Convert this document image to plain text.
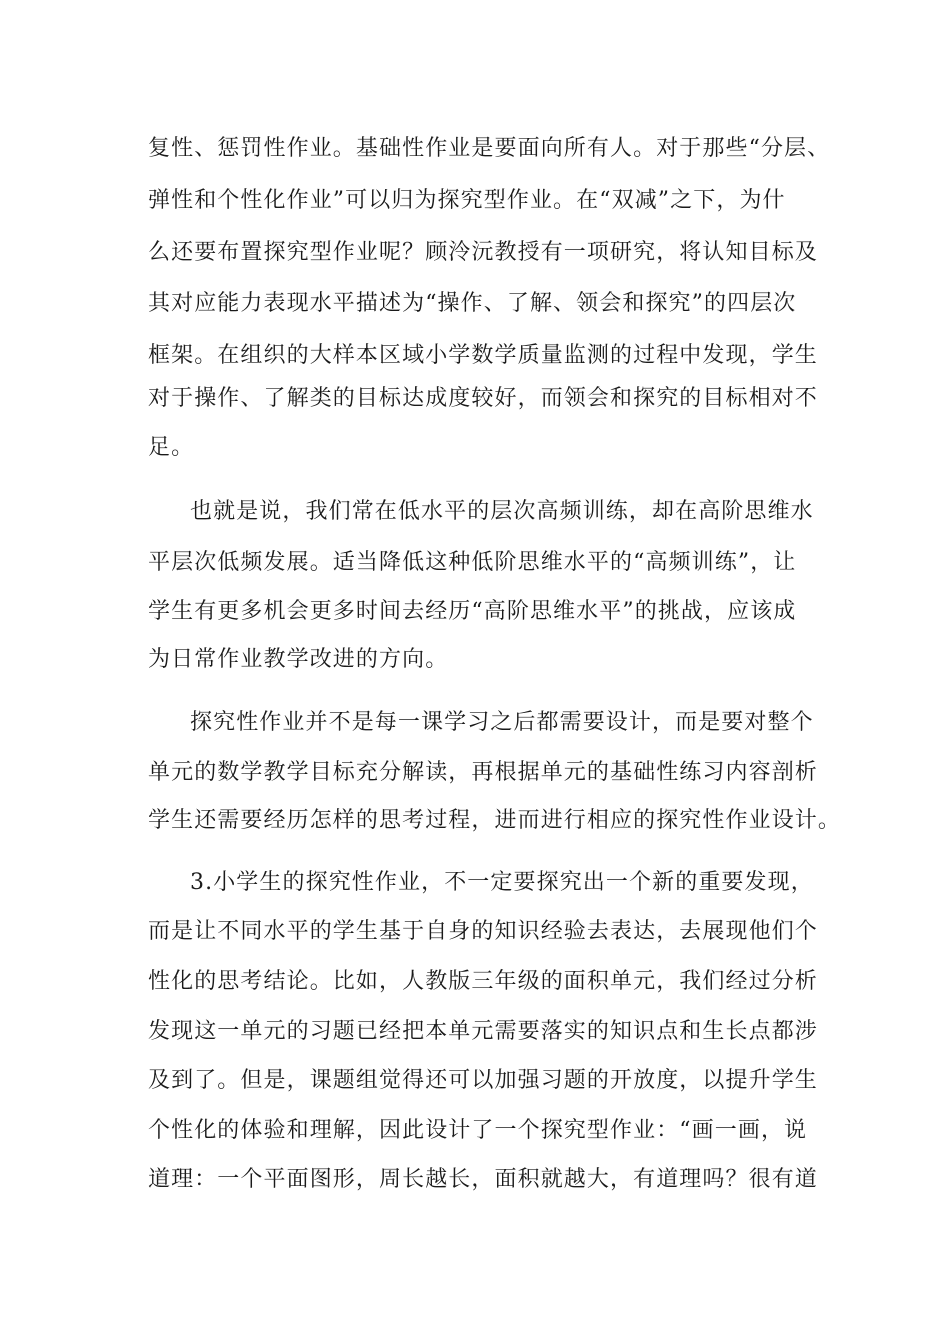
复性、惩罚性作业。基础性作业是要面向所有人。对于那些“分层、
弹性和个性化作业”可以归为探究型作业。在“双减”之下，为什
么还要布置探究型作业呢？顾泠沅教授有一项研究，将认知目标及
其对应能力表现水平描述为“操作、了解、领会和探究”的四层次
框架。在组织的大样本区域小学数学质量监测的过程中发现，学生
对于操作、了解类的目标达成度较好，而领会和探究的目标相对不
足。
也就是说，我们常在低水平的层次高频训练，却在高阶思维水
平层次低频发展。适当降低这种低阶思维水平的“高频训练”，让
学生有更多机会更多时间去经历“高阶思维水平”的挑战，应该成
为日常作业教学改进的方向。
探究性作业并不是每一课学习之后都需要设计，而是要对整个
单元的数学教学目标充分解读，再根据单元的基础性练习内容剖析
学生还需要经历怎样的思考过程，进而进行相应的探究性作业设计。
3.小学生的探究性作业，不一定要探究出一个新的重要发现，
而是让不同水平的学生基于自身的知识经验去表达，去展现他们个
性化的思考结论。比如，人教版三年级的面积单元，我们经过分析
发现这一单元的习题已经把本单元需要落实的知识点和生长点都涉
及到了。但是，课题组觉得还可以加强习题的开放度，以提升学生
个性化的体验和理解，因此设计了一个探究型作业：“画一画，说
道理：一个平面图形，周长越长，面积就越大，有道理吗？很有道
